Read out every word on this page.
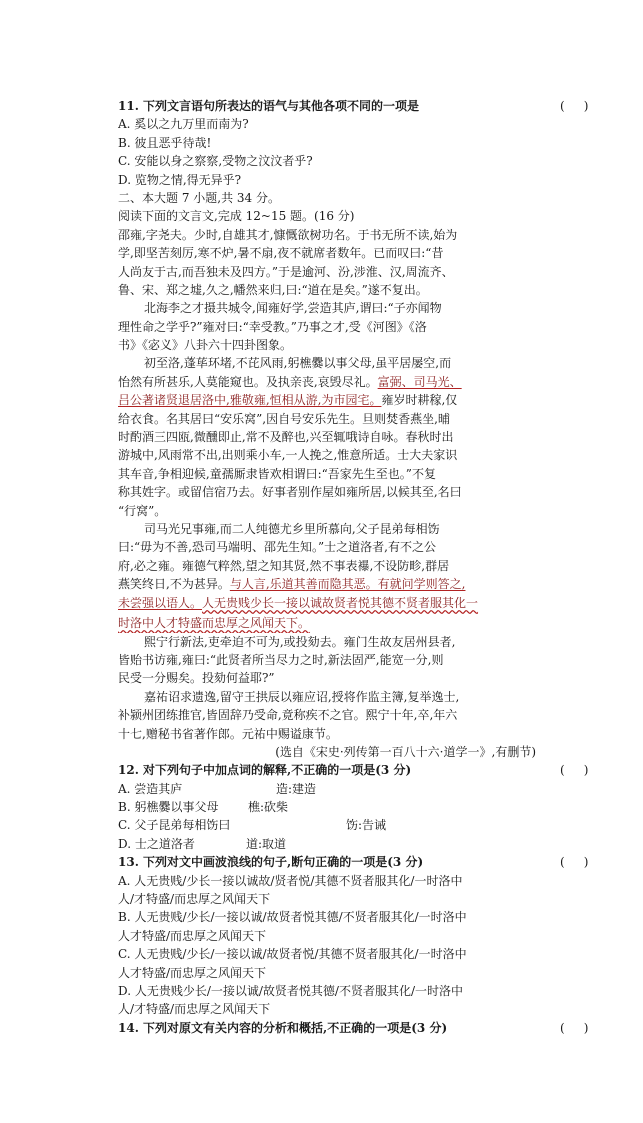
11. 下列文言语句所表达的语气与其他各项不同的一项是	(     )
A. 奚以之九万里而南为?
B. 彼且恶乎待哉!
C. 安能以身之察察,受物之汶汶者乎?
D. 览物之情,得无异乎?
二、本大题 7 小题,共 34 分。
阅读下面的文言文,完成 12~15 题。(16 分)
邵雍,字尧夫。少时,自雄其才,慷慨欲树功名。于书无所不读,始为
学,即坚苦刻厉,寒不炉,暑不扇,夜不就席者数年。已而叹曰:“昔
人尚友于古,而吾独未及四方。”于是逾河、汾,涉淮、汉,周流齐、
鲁、宋、郑之墟,久之,幡然来归,曰:“道在是矣。”遂不复出。
北海李之才摄共城令,闻雍好学,尝造其庐,谓曰:“子亦闻物
理性命之学乎?”雍对曰:“幸受教。”乃事之才,受《河图》《洛
书》《宓义》八卦六十四卦图象。
初至洛,蓬荜环堵,不芘风雨,躬樵爨以事父母,虽平居屡空,而
怡然有所甚乐,人莫能窥也。及执亲丧,哀毁尽礼。富弼、司马光、
吕公著诸贤退居洛中,雅敬雍,恒相从游,为市园宅。雍岁时耕稼,仅
给衣食。名其居曰“安乐窝”,因自号安乐先生。旦则焚香燕坐,晡
时酌酒三四瓯,微醺即止,常不及醉也,兴至辄哦诗自咏。春秋时出
游城中,风雨常不出,出则乘小车,一人挽之,惟意所适。士大夫家识
其车音,争相迎候,童孺厮隶皆欢相谓曰:“吾家先生至也。”不复
称其姓字。或留信宿乃去。好事者别作屋如雍所居,以候其至,名曰
“行窝”。
司马光兄事雍,而二人纯德尤乡里所慕向,父子昆弟每相饬
曰:“毋为不善,恐司马端明、邵先生知。”士之道洛者,有不之公
府,必之雍。雍德气粹然,望之知其贤,然不事表襮,不设防畛,群居
燕笑终日,不为甚异。与人言,乐道其善而隐其恶。有就问学则答之,
未尝强以语人。人无贵贱少长一接以诚故贤者悦其德不贤者服其化一
时洛中人才特盛而忠厚之风闻天下。
熙宁行新法,吏牵迫不可为,或投劾去。雍门生故友居州县者,
皆贻书访雍,雍曰:“此贤者所当尽力之时,新法固严,能宽一分,则
民受一分赐矣。投劾何益耶?”
嘉祐诏求遗逸,留守王拱辰以雍应诏,授将作监主簿,复举逸士,
补颍州团练推官,皆固辞乃受命,竟称疾不之官。熙宁十年,卒,年六
十七,赠秘书省著作郎。元祐中赐谥康节。
(选自《宋史·列传第一百八十六·道学一》,有删节)
12. 对下列句子中加点词的解释,不正确的一项是(3 分)	(     )
A. 尝造其庐	造:建造
B. 躬樵爨以事父母 樵:砍柴
C. 父子昆弟每相饬曰	饬:告诫
D. 士之道洛者	道:取道
13. 下列对文中画波浪线的句子,断句正确的一项是(3 分)	(     )
A. 人无贵贱/少长一接以诚故/贤者悦/其德不贤者服其化/一时洛中
人/才特盛/而忠厚之风闻天下
B. 人无贵贱/少长/一接以诚/故贤者悦其德/不贤者服其化/一时洛中
人才特盛/而忠厚之风闻天下
C. 人无贵贱/少长/一接以诚/故贤者悦/其德不贤者服其化/一时洛中
人才特盛/而忠厚之风闻天下
D. 人无贵贱少长/一接以诚/故贤者悦其德/不贤者服其化/一时洛中
人/才特盛/而忠厚之风闻天下
14. 下列对原文有关内容的分析和概括,不正确的一项是(3 分)	(     )
